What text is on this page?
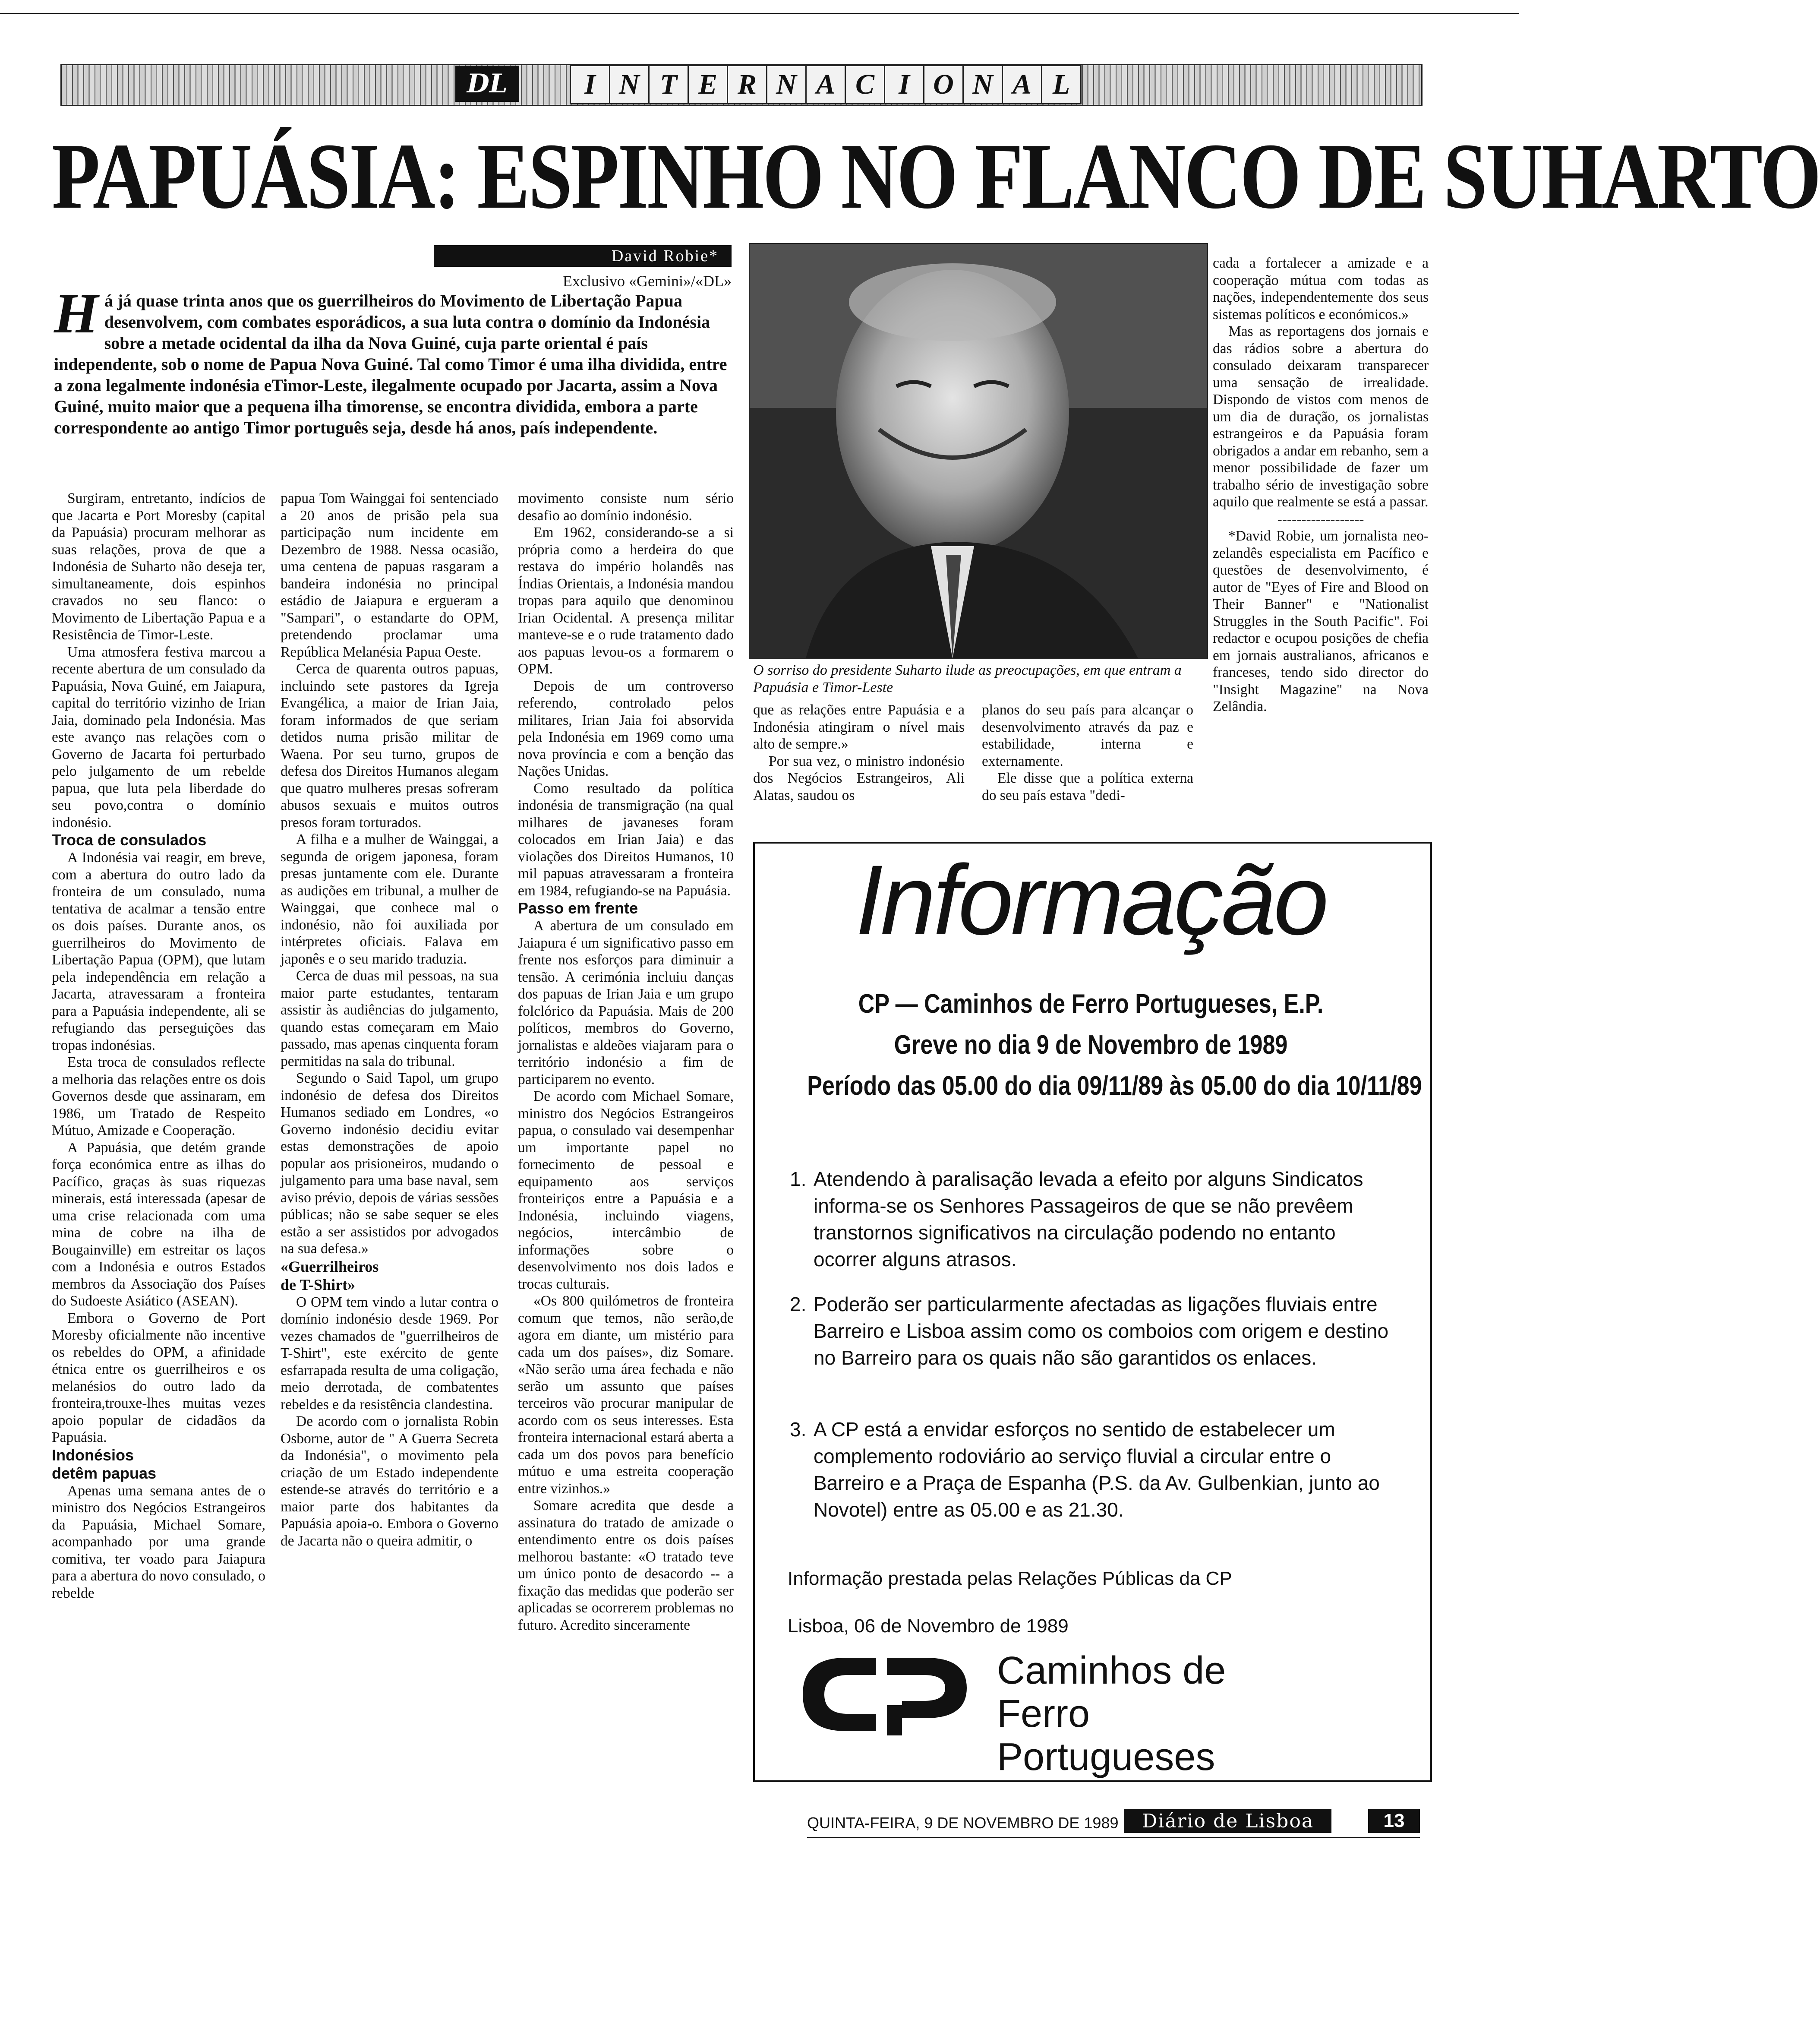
DL	I N T E R N A C I O N A L
PAPUÁSIA: ESPINHO NO FLANCO DE SUHARTO
David Robie*
Exclusivo «Gemini»/«DL»
Há já quase trinta anos que os guerrilheiros do Movimento de Libertação Papua desenvolvem, com combates esporádicos, a sua luta contra o domínio da Indonésia sobre a metade ocidental da ilha da Nova Guiné, cuja parte oriental é país independente, sob o nome de Papua Nova Guiné. Tal como Timor é uma ilha dividida, entre a zona legalmente indonésia eTimor-Leste, ilegalmente ocupado por Jacarta, assim a Nova Guiné, muito maior que a pequena ilha timorense, se encontra dividida, embora a parte correspondente ao antigo Timor português seja, desde há anos, país independente.

Surgiram, entretanto, indícios de que Jacarta e Port Moresby (capital da Papuásia) procuram melhorar as suas relações, prova de que a Indonésia de Suharto não deseja ter, simultaneamente, dois espinhos cravados no seu flanco: o Movimento de Libertação Papua e a Resistência de Timor-Leste.

Uma atmosfera festiva marcou a recente abertura de um consulado da Papuásia, Nova Guiné, em Jaiapura, capital do território vizinho de Irian Jaia, dominado pela Indonésia. Mas este avanço nas relações com o Governo de Jacarta foi perturbado pelo julgamento de um rebelde papua, que luta pela liberdade do seu povo,contra o domínio indonésio.

Troca de consulados

A Indonésia vai reagir, em breve, com a abertura do outro lado da fronteira de um consulado, numa tentativa de acalmar a tensão entre os dois países. Durante anos, os guerrilheiros do Movimento de Libertação Papua (OPM), que lutam pela independência em relação a Jacarta, atravessaram a fronteira para a Papuásia independente, ali se refugiando das perseguições das tropas indonésias.

Esta troca de consulados reflecte a melhoria das relações entre os dois Governos desde que assinaram, em 1986, um Tratado de Respeito Mútuo, Amizade e Cooperação.

A Papuásia, que detém grande força económica entre as ilhas do Pacífico, graças às suas riquezas minerais, está interessada (apesar de uma crise relacionada com uma mina de cobre na ilha de Bougainville) em estreitar os laços com a Indonésia e outros Estados membros da Associação dos Países do Sudoeste Asiático (ASEAN).

Embora o Governo de Port Moresby oficialmente não incentive os rebeldes do OPM, a afinidade étnica entre os guerrilheiros e os melanésios do outro lado da fronteira,trouxe-lhes muitas vezes apoio popular de cidadãos da Papuásia.

Indonésios
detêm papuas

Apenas uma semana antes de o ministro dos Negócios Estrangeiros da Papuásia, Michael Somare, acompanhado por uma grande comitiva, ter voado para Jaiapura para a abertura do novo consulado, o rebelde

papua Tom Wainggai foi sentenciado a 20 anos de prisão pela sua participação num incidente em Dezembro de 1988. Nessa ocasião, uma centena de papuas rasgaram a bandeira indonésia no principal estádio de Jaiapura e ergueram a "Sampari", o estandarte do OPM, pretendendo proclamar uma República Melanésia Papua Oeste.

Cerca de quarenta outros papuas, incluindo sete pastores da Igreja Evangélica, a maior de Irian Jaia, foram informados de que seriam detidos numa prisão militar de Waena. Por seu turno, grupos de defesa dos Direitos Humanos alegam que quatro mulheres presas sofreram abusos sexuais e muitos outros presos foram torturados.

A filha e a mulher de Wainggai, a segunda de origem japonesa, foram presas juntamente com ele. Durante as audições em tribunal, a mulher de Wainggai, que conhece mal o indonésio, não foi auxiliada por intérpretes oficiais. Falava em japonês e o seu marido traduzia.

Cerca de duas mil pessoas, na sua maior parte estudantes, tentaram assistir às audiências do julgamento, quando estas começaram em Maio passado, mas apenas cinquenta foram permitidas na sala do tribunal.

Segundo o Said Tapol, um grupo indonésio de defesa dos Direitos Humanos sediado em Londres, «o Governo indonésio decidiu evitar estas demonstrações de apoio popular aos prisioneiros, mudando o julgamento para uma base naval, sem aviso prévio, depois de várias sessões públicas; não se sabe sequer se eles estão a ser assistidos por advogados na sua defesa.»

«Guerrilheiros
de T-Shirt»

O OPM tem vindo a lutar contra o domínio indonésio desde 1969. Por vezes chamados de "guerrilheiros de T-Shirt", este exército de gente esfarrapada resulta de uma coligação, meio derrotada, de combatentes rebeldes e da resistência clandestina.

De acordo com o jornalista Robin Osborne, autor de " A Guerra Secreta da Indonésia", o movimento pela criação de um Estado independente estende-se através do território e a maior parte dos habitantes da Papuásia apoia-o. Embora o Governo de Jacarta não o queira admitir, o

movimento consiste num sério desafio ao domínio indonésio.

Em 1962, considerando-se a si própria como a herdeira do que restava do império holandês nas Índias Orientais, a Indonésia mandou tropas para aquilo que denominou Irian Ocidental. A presença militar manteve-se e o rude tratamento dado aos papuas levou-os a formarem o OPM.

Depois de um controverso referendo, controlado pelos militares, Irian Jaia foi absorvida pela Indonésia em 1969 como uma nova província e com a benção das Nações Unidas.

Como resultado da política indonésia de transmigração (na qual milhares de javaneses foram colocados em Irian Jaia) e das violações dos Direitos Humanos, 10 mil papuas atravessaram a fronteira em 1984, refugiando-se na Papuásia.

Passo em frente

A abertura de um consulado em Jaiapura é um significativo passo em frente nos esforços para diminuir a tensão. A cerimónia incluiu danças dos papuas de Irian Jaia e um grupo folclórico da Papuásia. Mais de 200 políticos, membros do Governo, jornalistas e aldeões viajaram para o território indonésio a fim de participarem no evento.

De acordo com Michael Somare, ministro dos Negócios Estrangeiros papua, o consulado vai desempenhar um importante papel no fornecimento de pessoal e equipamento aos serviços fronteiriços entre a Papuásia e a Indonésia, incluindo viagens, negócios, intercâmbio de informações sobre o desenvolvimento nos dois lados e trocas culturais.

«Os 800 quilómetros de fronteira comum que temos, não serão,de agora em diante, um mistério para cada um dos países», diz Somare. «Não serão uma área fechada e não serão um assunto que países terceiros vão procurar manipular de acordo com os seus interesses. Esta fronteira internacional estará aberta a cada um dos povos para benefício mútuo e uma estreita cooperação entre vizinhos.»

Somare acredita que desde a assinatura do tratado de amizade o entendimento entre os dois países melhorou bastante: «O tratado teve um único ponto de desacordo -- a fixação das medidas que poderão ser aplicadas se ocorrerem problemas no futuro. Acredito sinceramente

O sorriso do presidente Suharto ilude as preocupações, em que entram a Papuásia e Timor-Leste

que as relações entre Papuásia e a Indonésia atingiram o nível mais alto de sempre.»

Por sua vez, o ministro indonésio dos Negócios Estrangeiros, Ali Alatas, saudou os

planos do seu país para alcançar o desenvolvimento através da paz e estabilidade, interna e externamente.

Ele disse que a política externa do seu país estava "dedi-

cada a fortalecer a amizade e a cooperação mútua com todas as nações, independentemente dos seus sistemas políticos e económicos.»

Mas as reportagens dos jornais e das rádios sobre a abertura do consulado deixaram transparecer uma sensação de irrealidade. Dispondo de vistos com menos de um dia de duração, os jornalistas estrangeiros e da Papuásia foram obrigados a andar em rebanho, sem a menor possibilidade de fazer um trabalho sério de investigação sobre aquilo que realmente se está a passar.

------------------

*David Robie, um jornalista neo-zelandês especialista em Pacífico e questões de desenvolvimento, é autor de "Eyes of Fire and Blood on Their Banner" e "Nationalist Struggles in the South Pacific". Foi redactor e ocupou posições de chefia em jornais australianos, africanos e franceses, tendo sido director do "Insight Magazine" na Nova Zelândia.

Informação
CP — Caminhos de Ferro Portugueses, E.P.
Greve no dia 9 de Novembro de 1989
Período das 05.00 do dia 09/11/89 às 05.00 do dia 10/11/89
1. Atendendo à paralisação levada a efeito por alguns Sindicatos informa-se os Senhores Passageiros de que se não prevêem transtornos significativos na circulação podendo no entanto ocorrer alguns atrasos.
2. Poderão ser particularmente afectadas as ligações fluviais entre Barreiro e Lisboa assim como os comboios com origem e destino no Barreiro para os quais não são garantidos os enlaces.
3. A CP está a envidar esforços no sentido de estabelecer um complemento rodoviário ao serviço fluvial a circular entre o Barreiro e a Praça de Espanha (P.S. da Av. Gulbenkian, junto ao Novotel) entre as 05.00 e as 21.30.
Informação prestada pelas Relações Públicas da CP
Lisboa, 06 de Novembro de 1989
Caminhos de Ferro
Portugueses
QUINTA-FEIRA, 9 DE NOVEMBRO DE 1989	Diário de Lisboa	13
